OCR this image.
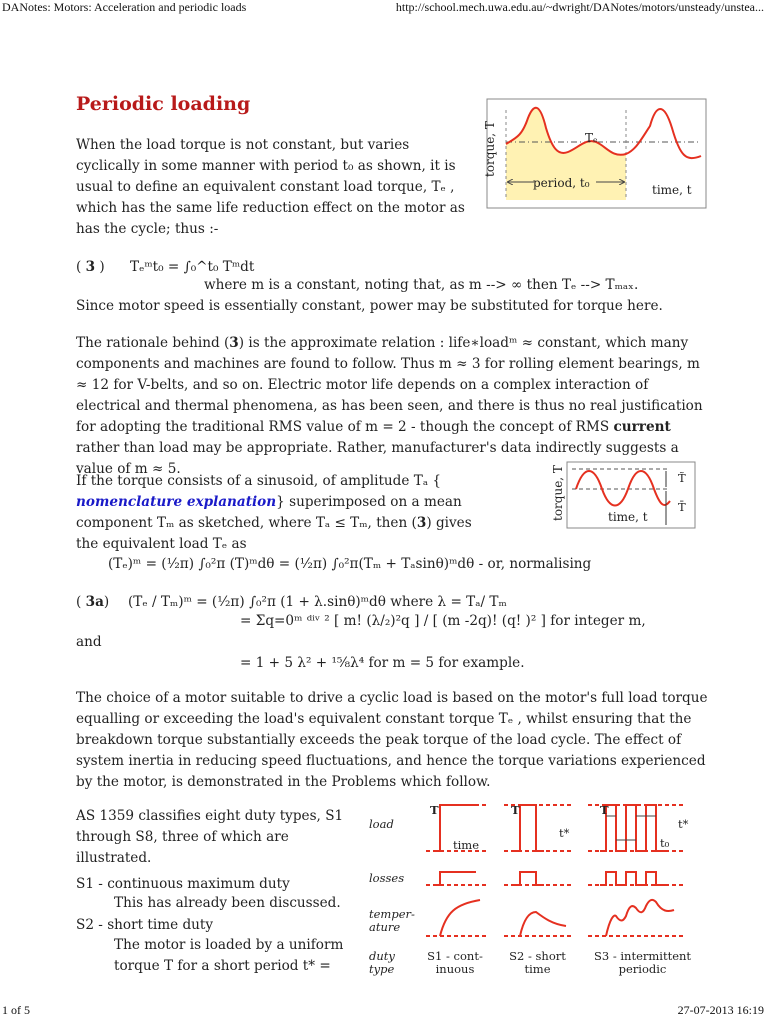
DANotes: Motors: Acceleration and periodic loads	http://school.mech.uwa.edu.au/~dwright/DANotes/motors/unsteady/unstea...
1 of 5	27-07-2013 16:19
Periodic loading
When the load torque is not constant, but varies cyclically in some manner with period t₀ as shown, it is usual to define an equivalent constant load torque, Tₑ , which has the same life reduction effect on the motor as has the cycle; thus :-
torque, T	Tₑ
period, t₀	time, t
( 3 ) Tₑᵐt₀ = ∫₀^t₀ Tᵐdt
where m is a constant, noting that, as m --> ∞ then Tₑ --> Tₘₐₓ.
Since motor speed is essentially constant, power may be substituted for torque here.
The rationale behind (3) is the approximate relation : life∗loadᵐ ≈ constant, which many components and machines are found to follow. Thus m ≈ 3 for rolling element bearings, m ≈ 12 for V-belts, and so on. Electric motor life depends on a complex interaction of electrical and thermal phenomena, as has been seen, and there is thus no real justification for adopting the traditional RMS value of m = 2 - though the concept of RMS current rather than load may be appropriate. Rather, manufacturer's data indirectly suggests a value of m ≈ 5.
If the torque consists of a sinusoid, of amplitude Tₐ { nomenclature explanation} superimposed on a mean component Tₘ as sketched, where Tₐ ≤ Tₘ, then (3) gives the equivalent load Tₑ as
torque, T	T̃
T̄
time, t
(Tₑ)ᵐ = (¹⁄₂π) ∫₀²π (T)ᵐdθ = (¹⁄₂π) ∫₀²π(Tₘ + Tₐsinθ)ᵐdθ - or, normalising
( 3a) (Tₑ / Tₘ)ᵐ = (¹⁄₂π) ∫₀²π (1 + λ.sinθ)ᵐdθ where λ = Tₐ/ Tₘ
= Σq=0ᵐ ᵈⁱᵛ ² [ m! (λ/₂)²q ] / [ (m -2q)! (q! )² ] for integer m,
and
= 1 + 5 λ² + ¹⁵⁄₈λ⁴ for m = 5 for example.
The choice of a motor suitable to drive a cyclic load is based on the motor's full load torque equalling or exceeding the load's equivalent constant torque Tₑ , whilst ensuring that the breakdown torque substantially exceeds the peak torque of the load cycle. The effect of system inertia in reducing speed fluctuations, and hence the torque variations experienced by the motor, is demonstrated in the Problems which follow.
AS 1359 classifies eight duty types, S1 through S8, three of which are illustrated.
S1 - continuous maximum duty
This has already been discussed.
S2 - short time duty
The motor is loaded by a uniform torque T for a short period t* =
load
losses
temper-
ature
duty
type
T	T	T
time
t*
t*
t₀
S1 - cont-
inuous
S2 - short
time
S3 - intermittent
periodic
